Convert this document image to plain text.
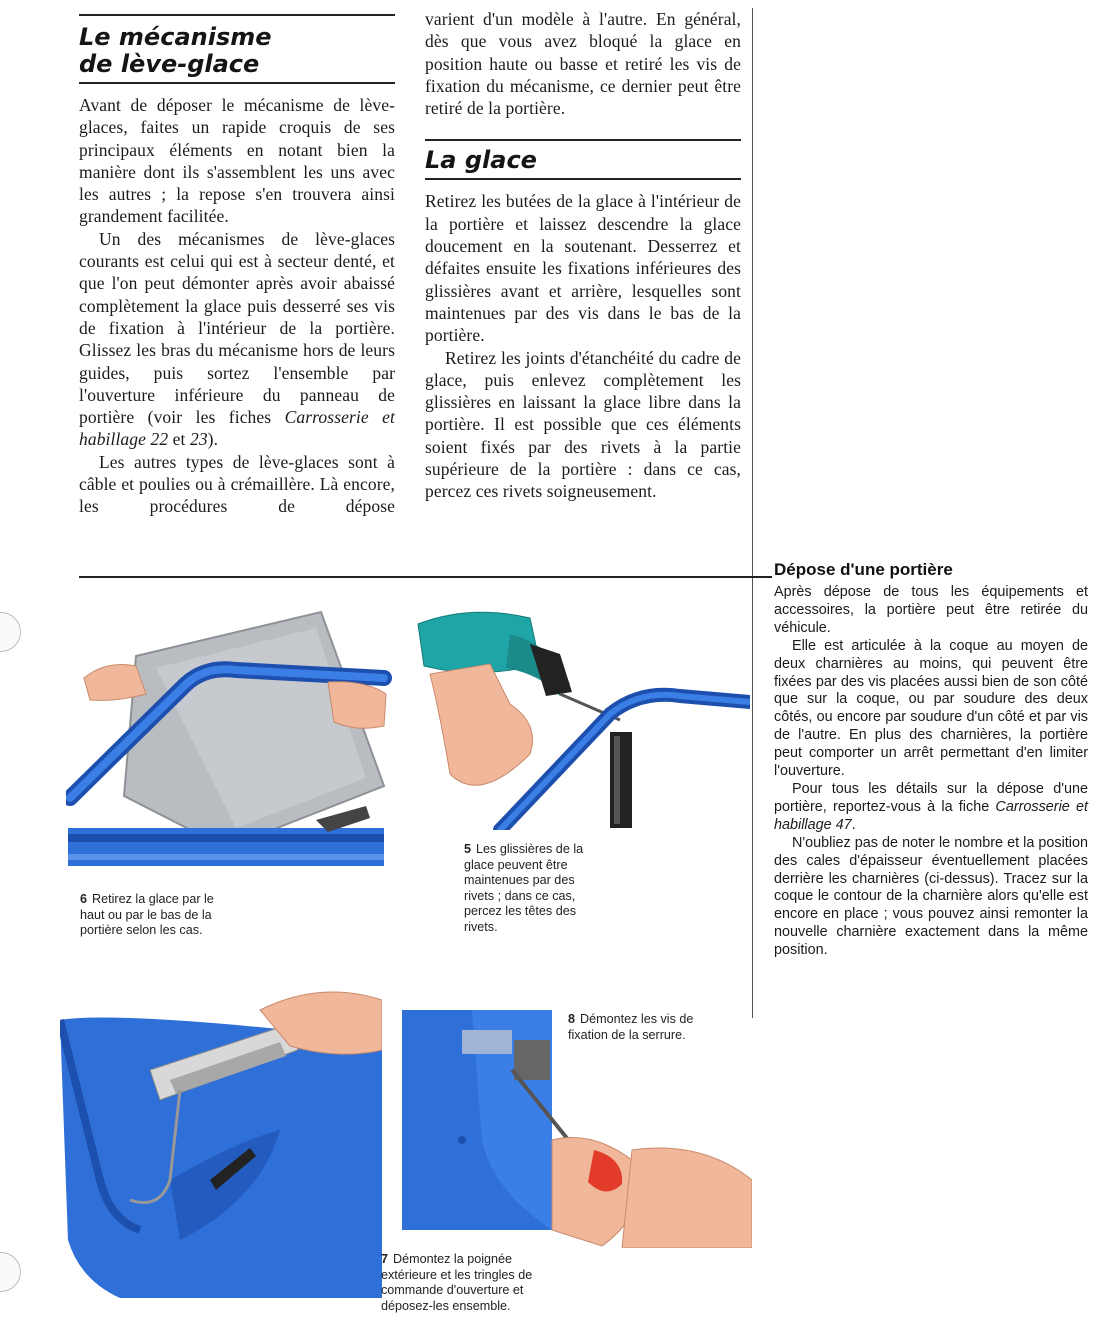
Le mécanisme
de lève-glace

Avant de déposer le mécanisme de lève-glaces, faites un rapide croquis de ses principaux éléments en notant bien la manière dont ils s'assemblent les uns avec les autres ; la repose s'en trouvera ainsi grandement facilitée.

Un des mécanismes de lève-glaces courants est celui qui est à secteur denté, et que l'on peut démonter après avoir abaissé complètement la glace puis desserré ses vis de fixation à l'intérieur de la portière. Glissez les bras du mécanisme hors de leurs guides, puis sortez l'ensemble par l'ouverture inférieure du panneau de portière (voir les fiches Carrosserie et habillage 22 et 23).

Les autres types de lève-glaces sont à câble et poulies ou à crémaillère. Là encore, les procédures de dépose

varient d'un modèle à l'autre. En général, dès que vous avez bloqué la glace en position haute ou basse et retiré les vis de fixation du mécanisme, ce dernier peut être retiré de la portière.

La glace

Retirez les butées de la glace à l'intérieur de la portière et laissez descendre la glace doucement en la soutenant. Desserrez et défaites ensuite les fixations inférieures des glissières avant et arrière, lesquelles sont maintenues par des vis dans le bas de la portière.

Retirez les joints d'étanchéité du cadre de glace, puis enlevez complètement les glissières en laissant la glace libre dans la portière. Il est possible que ces éléments soient fixés par des rivets à la partie supérieure de la portière : dans ce cas, percez ces rivets soigneusement.

Dépose d'une portière

Après dépose de tous les équipements et accessoires, la portière peut être retirée du véhicule.

Elle est articulée à la coque au moyen de deux charnières au moins, qui peuvent être fixées par des vis placées aussi bien de son côté que sur la coque, ou par soudure des deux côtés, ou encore par soudure d'un côté et par vis de l'autre. En plus des charnières, la portière peut comporter un arrêt permettant d'en limiter l'ouverture.

Pour tous les détails sur la dépose d'une portière, reportez-vous à la fiche Carrosserie et habillage 47.

N'oubliez pas de noter le nombre et la position des cales d'épaisseur éventuellement placées derrière les charnières (ci-dessus). Tracez sur la coque le contour de la charnière alors qu'elle est encore en place ; vous pouvez ainsi remonter la nouvelle charnière exactement dans la même position.

6 Retirez la glace par le haut ou par le bas de la portière selon les cas.
5 Les glissières de la glace peuvent être maintenues par des rivets ; dans ce cas, percez les têtes des rivets.
7 Démontez la poignée extérieure et les tringles de commande d'ouverture et déposez-les ensemble.
8 Démontez les vis de fixation de la serrure.
